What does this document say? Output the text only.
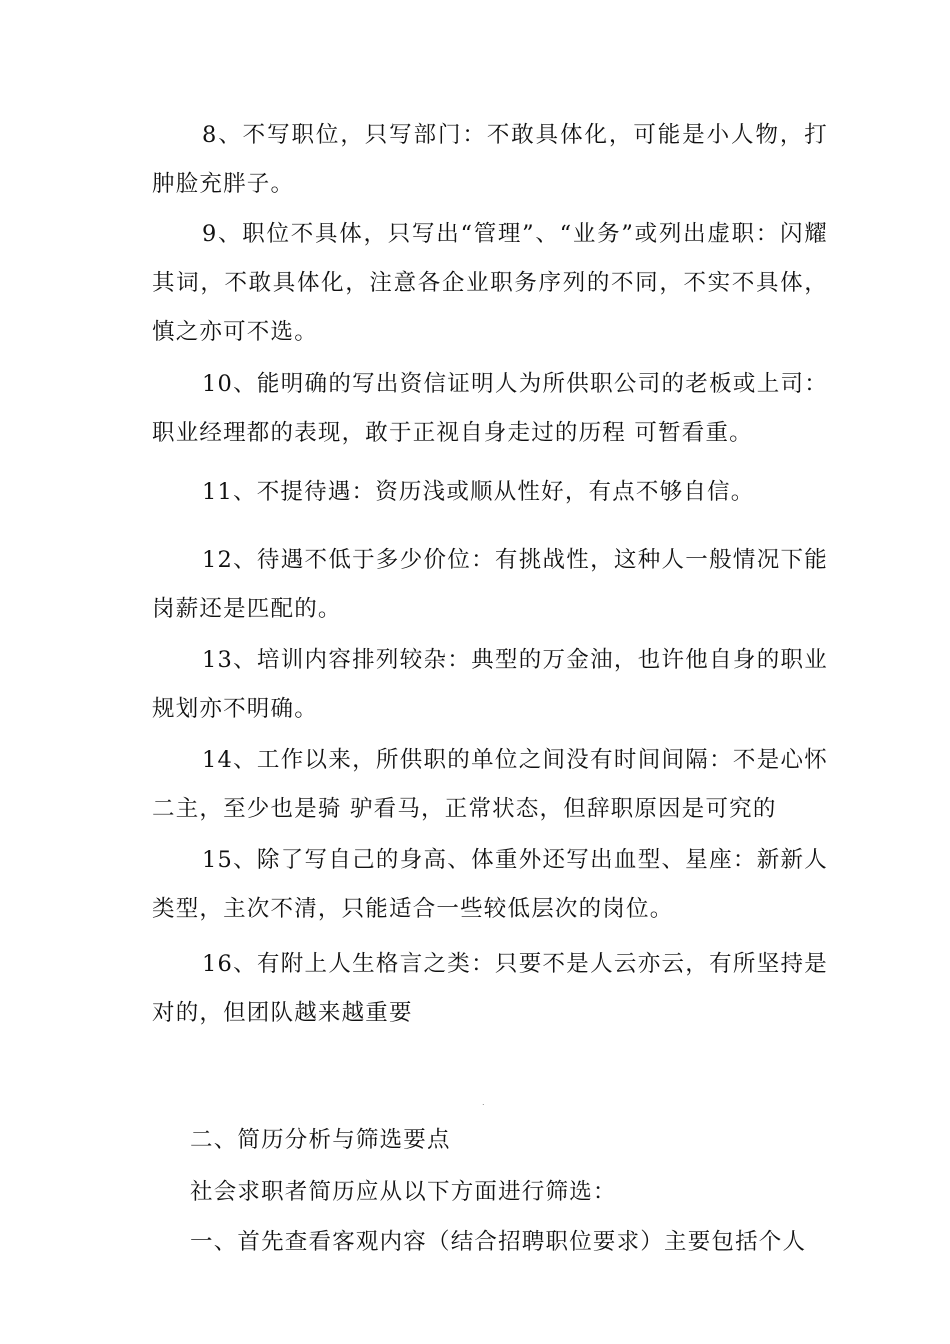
8、不写职位，只写部门：不敢具体化，可能是小人物，打肿脸充胖子。

9、职位不具体，只写出“管理”、“业务”或列出虚职：闪耀其词，不敢具体化，注意各企业职务序列的不同，不实不具体，慎之亦可不选。

10、能明确的写出资信证明人为所供职公司的老板或上司：职业经理都的表现，敢于正视自身走过的历程 可暂看重。

11、不提待遇：资历浅或顺从性好，有点不够自信。

12、待遇不低于多少价位：有挑战性，这种人一般情况下能岗薪还是匹配的。

13、培训内容排列较杂：典型的万金油，也许他自身的职业规划亦不明确。

14、工作以来，所供职的单位之间没有时间间隔：不是心怀二主，至少也是骑 驴看马，正常状态，但辞职原因是可究的

15、除了写自己的身高、体重外还写出血型、星座：新新人类型，主次不清，只能适合一些较低层次的岗位。

16、有附上人生格言之类：只要不是人云亦云，有所坚持是对的，但团队越来越重要

.

二、简历分析与筛选要点

社会求职者简历应从以下方面进行筛选：

一、首先查看客观内容（结合招聘职位要求）主要包括个人
